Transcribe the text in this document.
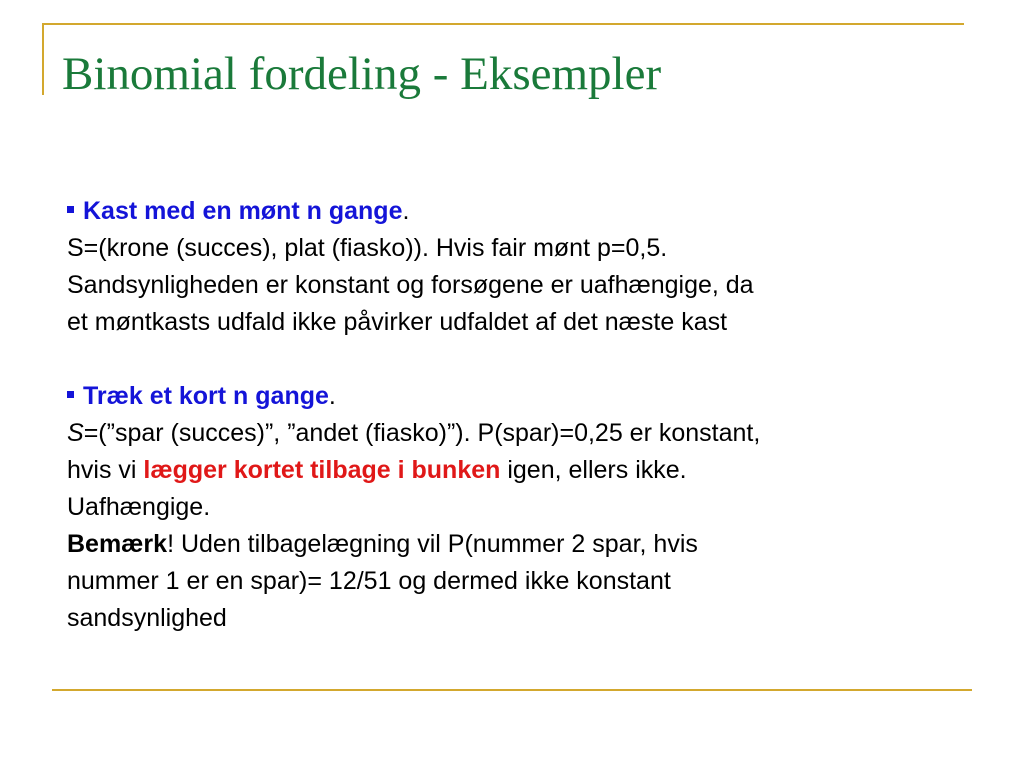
Binomial fordeling - Eksempler

Kast med en mønt n gange.

S=(krone (succes), plat (fiasko)). Hvis fair mønt p=0,5.

Sandsynligheden er konstant og forsøgene er uafhængige, da

et møntkasts udfald ikke påvirker udfaldet af det næste kast

Træk et kort n gange.

S=(”spar (succes)”, ”andet (fiasko)”). P(spar)=0,25 er konstant,

hvis vi lægger kortet tilbage i bunken igen, ellers ikke.

Uafhængige.

Bemærk! Uden tilbagelægning vil P(nummer 2 spar, hvis

nummer 1 er en spar)= 12/51 og dermed ikke konstant

sandsynlighed
